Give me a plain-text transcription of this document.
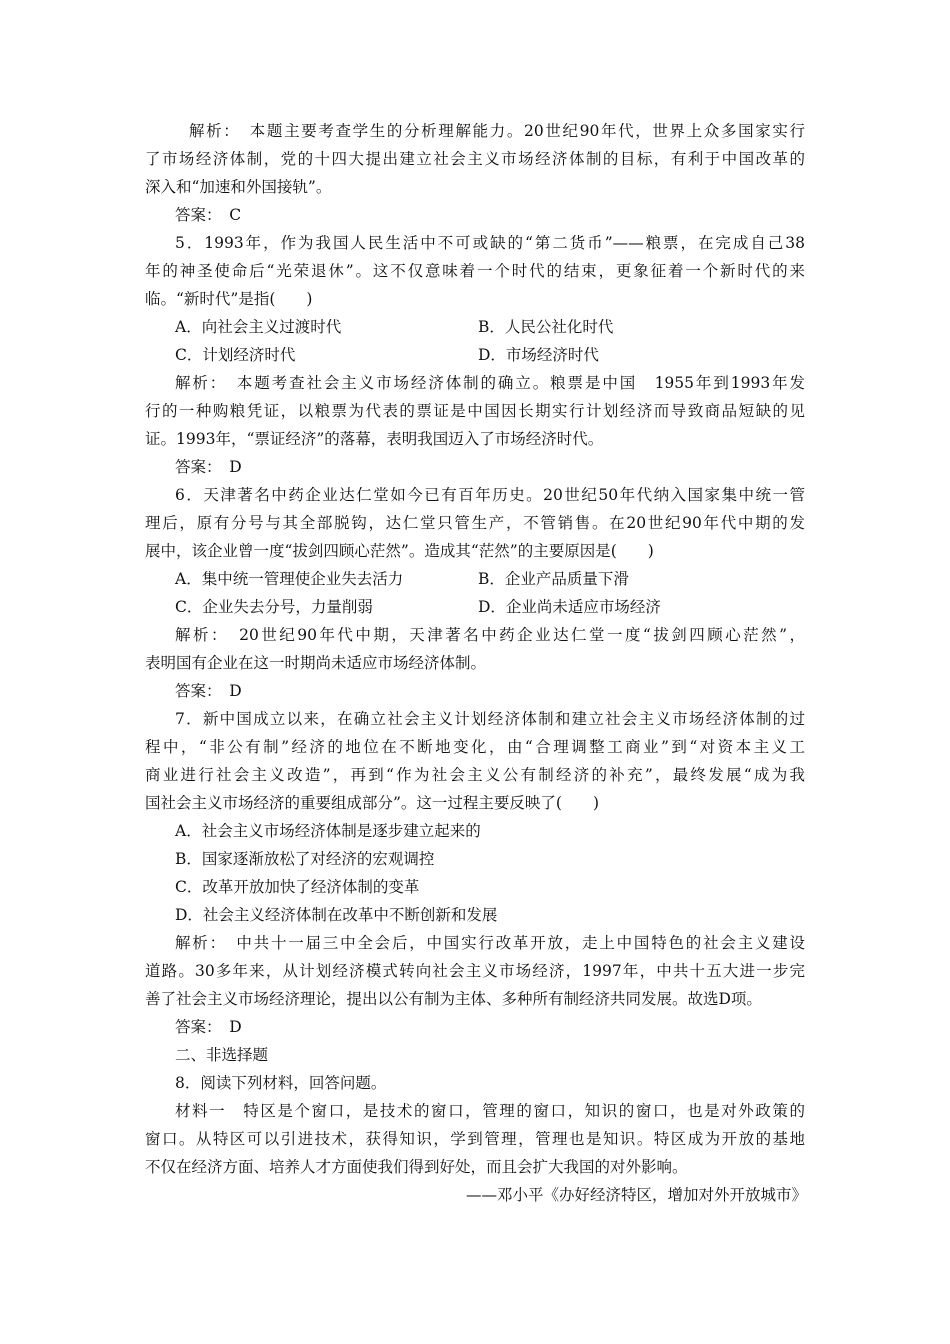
解析：　本题主要考查学生的分析理解能力。20世纪90年代，世界上众多国家实行
了市场经济体制，党的十四大提出建立社会主义市场经济体制的目标，有利于中国改革的
深入和“加速和外国接轨”。
答案：　C
5．1993年，作为我国人民生活中不可或缺的“第二货币”——粮票，在完成自己38
年的神圣使命后“光荣退休”。这不仅意味着一个时代的结束，更象征着一个新时代的来
临。“新时代”是指(　　)
A．向社会主义过渡时代	B．人民公社化时代
C．计划经济时代	D．市场经济时代
解析：　本题考查社会主义市场经济体制的确立。粮票是中国　1955年到1993年发
行的一种购粮凭证，以粮票为代表的票证是中国因长期实行计划经济而导致商品短缺的见
证。1993年，“票证经济”的落幕，表明我国迈入了市场经济时代。
答案：　D
6．天津著名中药企业达仁堂如今已有百年历史。20世纪50年代纳入国家集中统一管
理后，原有分号与其全部脱钩，达仁堂只管生产，不管销售。在20世纪90年代中期的发
展中，该企业曾一度“拔剑四顾心茫然”。造成其“茫然”的主要原因是(　　)
A．集中统一管理使企业失去活力	B．企业产品质量下滑
C．企业失去分号，力量削弱	D．企业尚未适应市场经济
解析：　20世纪90年代中期，天津著名中药企业达仁堂一度“拔剑四顾心茫然”，
表明国有企业在这一时期尚未适应市场经济体制。
答案：　D
7．新中国成立以来，在确立社会主义计划经济体制和建立社会主义市场经济体制的过
程中，“非公有制”经济的地位在不断地变化，由“合理调整工商业”到“对资本主义工
商业进行社会主义改造”，再到“作为社会主义公有制经济的补充”，最终发展“成为我
国社会主义市场经济的重要组成部分”。这一过程主要反映了(　　)
A．社会主义市场经济体制是逐步建立起来的
B．国家逐渐放松了对经济的宏观调控
C．改革开放加快了经济体制的变革
D．社会主义经济体制在改革中不断创新和发展
解析：　中共十一届三中全会后，中国实行改革开放，走上中国特色的社会主义建设
道路。30多年来，从计划经济模式转向社会主义市场经济，1997年，中共十五大进一步完
善了社会主义市场经济理论，提出以公有制为主体、多种所有制经济共同发展。故选D项。
答案：　D
二、非选择题
8．阅读下列材料，回答问题。
材料一　特区是个窗口，是技术的窗口，管理的窗口，知识的窗口，也是对外政策的
窗口。从特区可以引进技术，获得知识，学到管理，管理也是知识。特区成为开放的基地
不仅在经济方面、培养人才方面使我们得到好处，而且会扩大我国的对外影响。
——邓小平《办好经济特区，增加对外开放城市》
